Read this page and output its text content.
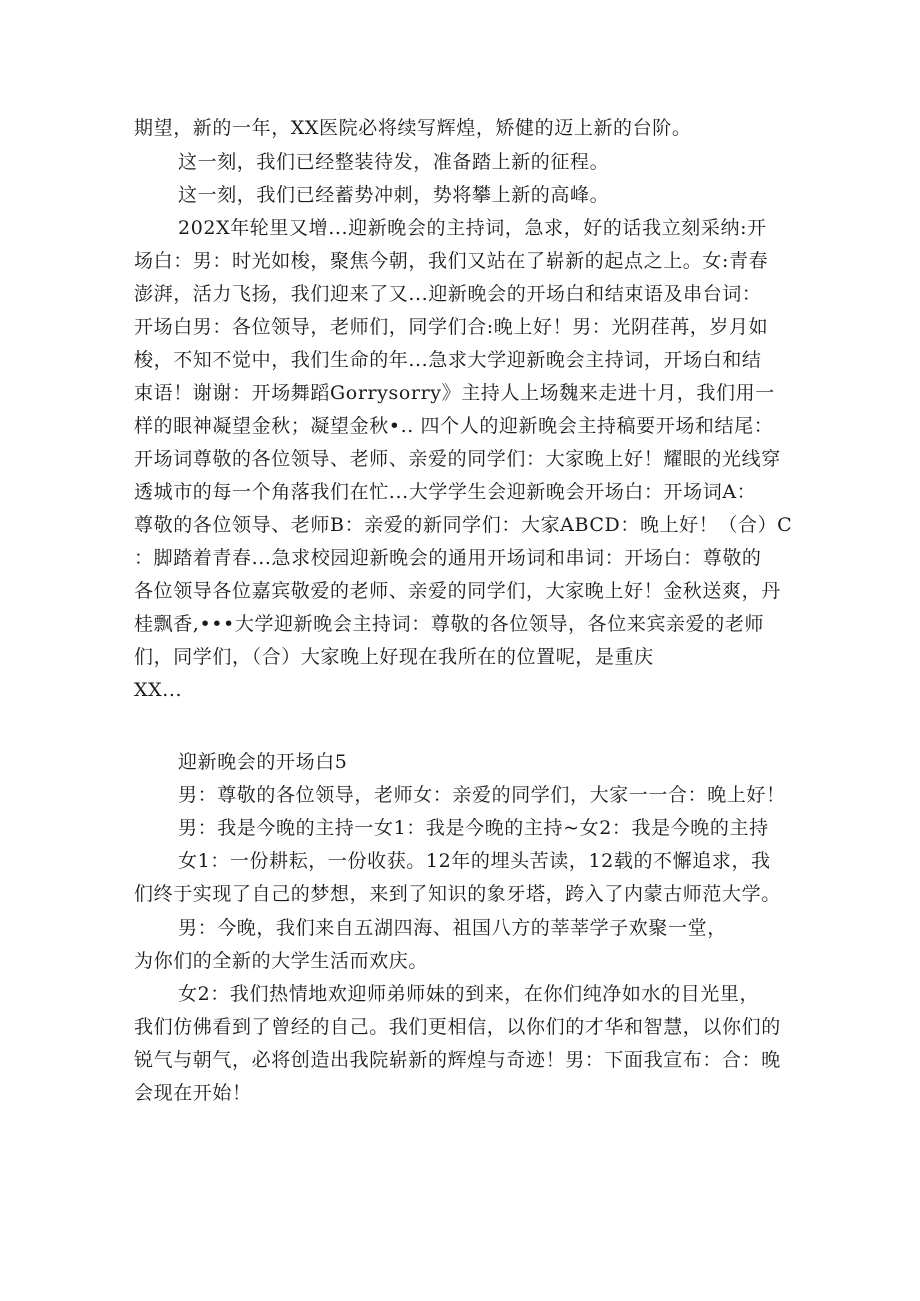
期望，新的一年，XX医院必将续写辉煌，矫健的迈上新的台阶。
这一刻，我们已经整装待发，准备踏上新的征程。
这一刻，我们已经蓄势冲刺，势将攀上新的高峰。
202X年轮里又增...迎新晚会的主持词，急求，好的话我立刻采纳:开
场白：男：时光如梭，聚焦今朝，我们又站在了崭新的起点之上。女:青春
澎湃，活力飞扬，我们迎来了又...迎新晚会的开场白和结束语及串台词：
开场白男：各位领导，老师们，同学们合:晚上好！男：光阴荏苒，岁月如
梭，不知不觉中，我们生命的年...急求大学迎新晚会主持词，开场白和结
束语！谢谢：开场舞蹈Gorrysorry》主持人上场魏来走进十月，我们用一
样的眼神凝望金秋；凝望金秋•.. 四个人的迎新晚会主持稿要开场和结尾：
开场词尊敬的各位领导、老师、亲爱的同学们：大家晚上好！耀眼的光线穿
透城市的每一个角落我们在忙...大学学生会迎新晚会开场白：开场词A：
尊敬的各位领导、老师B：亲爱的新同学们：大家ABCD：晚上好！（合）C
：脚踏着青春...急求校园迎新晚会的通用开场词和串词：开场白：尊敬的
各位领导各位嘉宾敬爱的老师、亲爱的同学们，大家晚上好！金秋送爽，丹
桂飘香,•••大学迎新晚会主持词：尊敬的各位领导，各位来宾亲爱的老师
们，同学们，（合）大家晚上好现在我所在的位置呢，是重庆
XX...
迎新晚会的开场白5
男：尊敬的各位领导，老师女：亲爱的同学们，大家一一合：晚上好！
男：我是今晚的主持一女1：我是今晚的主持~女2：我是今晚的主持
女1：一份耕耘，一份收获。12年的埋头苦读，12载的不懈追求，我
们终于实现了自己的梦想，来到了知识的象牙塔，跨入了内蒙古师范大学。
男：今晚，我们来自五湖四海、祖国八方的莘莘学子欢聚一堂，
为你们的全新的大学生活而欢庆。
女2：我们热情地欢迎师弟师妹的到来，在你们纯净如水的目光里，
我们仿佛看到了曾经的自己。我们更相信，以你们的才华和智慧，以你们的
锐气与朝气，必将创造出我院崭新的辉煌与奇迹！男：下面我宣布：合：晚
会现在开始！
